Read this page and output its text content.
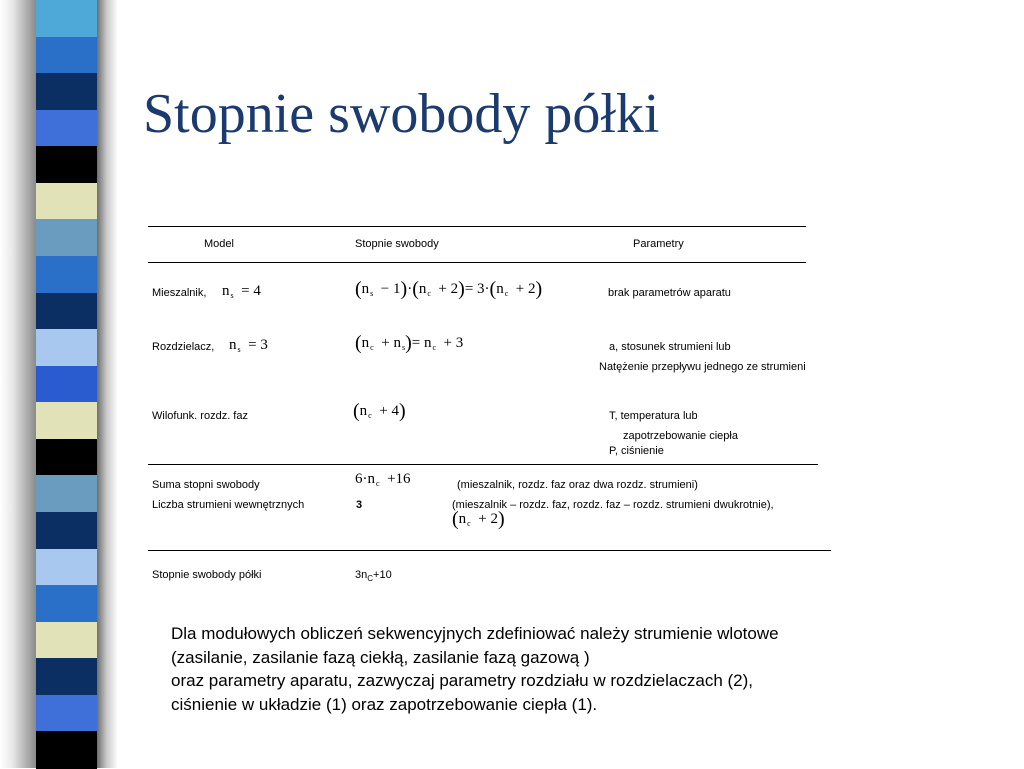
Stopnie swobody półki
Model	Stopnie swobody	Parametry
Mieszalnik, $n_s = 4$	$(n_s - 1)\cdot(n_c + 2)= 3\cdot(n_c + 2)$	brak parametrów aparatu
Rozdzielacz, $n_s = 3$	$(n_c + n_s)= n_c + 3$	a, stosunek strumieni lub
Natężenie przepływu jednego ze strumieni
Wilofunk. rozdz. faz	$(n_c + 4)$	T, temperatura lub
zapotrzebowanie ciepła
P, ciśnienie
Suma stopni swobody	$6\cdot n_c +16$	(mieszalnik, rozdz. faz oraz dwa rozdz. strumieni)
Liczba strumieni wewnętrznych	3	(mieszalnik – rozdz. faz, rozdz. faz – rozdz. strumieni dwukrotnie),
$(n_c + 2)$
Stopnie swobody półki	$3n_C+10$
Dla modułowych obliczeń sekwencyjnych zdefiniować należy strumienie wlotowe
(zasilanie, zasilanie fazą ciekłą, zasilanie fazą gazową )
oraz parametry aparatu, zazwyczaj parametry rozdziału w rozdzielaczach (2),
ciśnienie w układzie (1) oraz zapotrzebowanie ciepła (1).
